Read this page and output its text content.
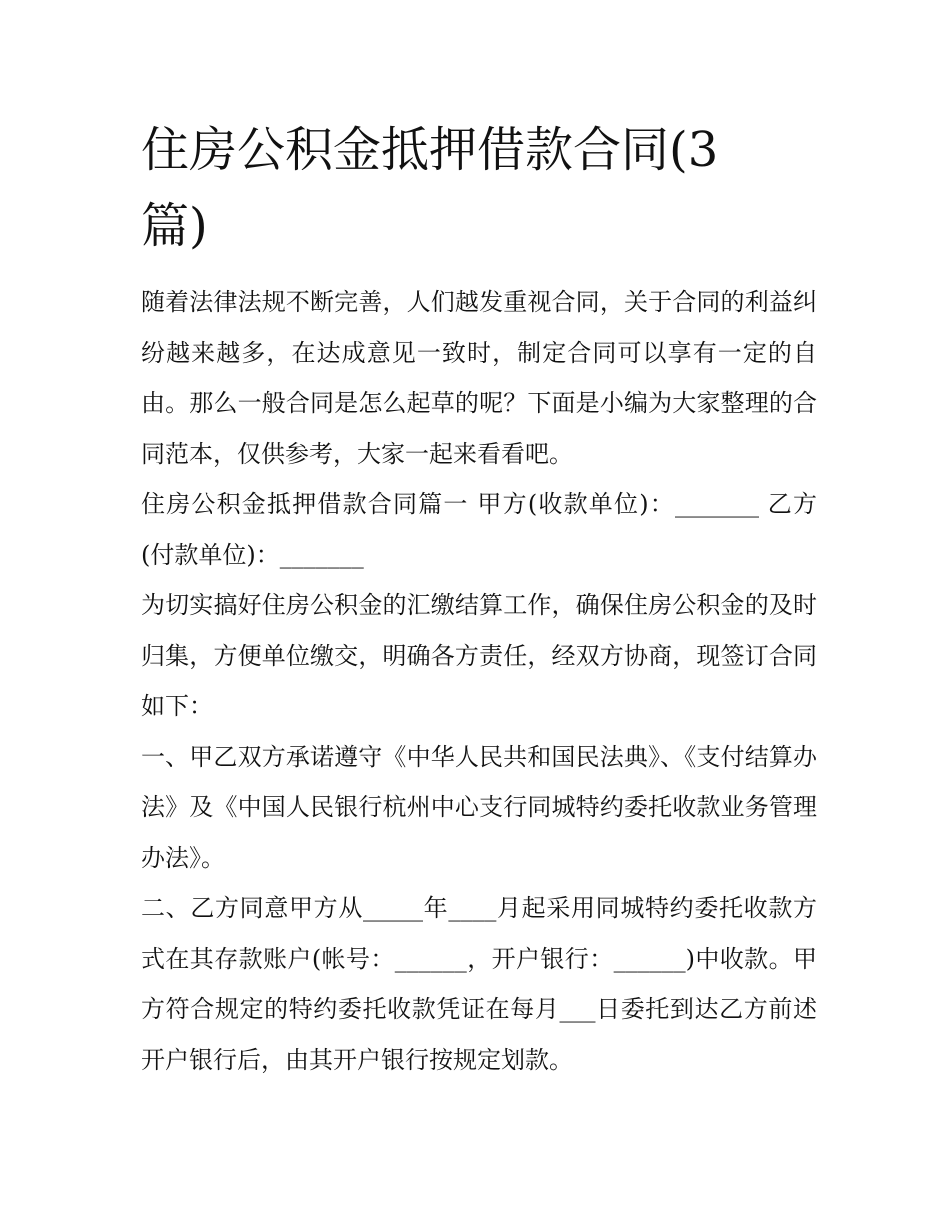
住房公积金抵押借款合同(3
篇)

随着法律法规不断完善，人们越发重视合同，关于合同的利益纠纷越来越多，在达成意见一致时，制定合同可以享有一定的自由。那么一般合同是怎么起草的呢？下面是小编为大家整理的合同范本，仅供参考，大家一起来看看吧。

住房公积金抵押借款合同篇一 甲方(收款单位)：_______ 乙方(付款单位)：_______

为切实搞好住房公积金的汇缴结算工作，确保住房公积金的及时归集，方便单位缴交，明确各方责任，经双方协商，现签订合同如下：

一、甲乙双方承诺遵守《中华人民共和国民法典》、《支付结算办法》及《中国人民银行杭州中心支行同城特约委托收款业务管理办法》。

二、乙方同意甲方从_____年____月起采用同城特约委托收款方式在其存款账户(帐号：______，开户银行：______)中收款。甲方符合规定的特约委托收款凭证在每月___日委托到达乙方前述开户银行后，由其开户银行按规定划款。
